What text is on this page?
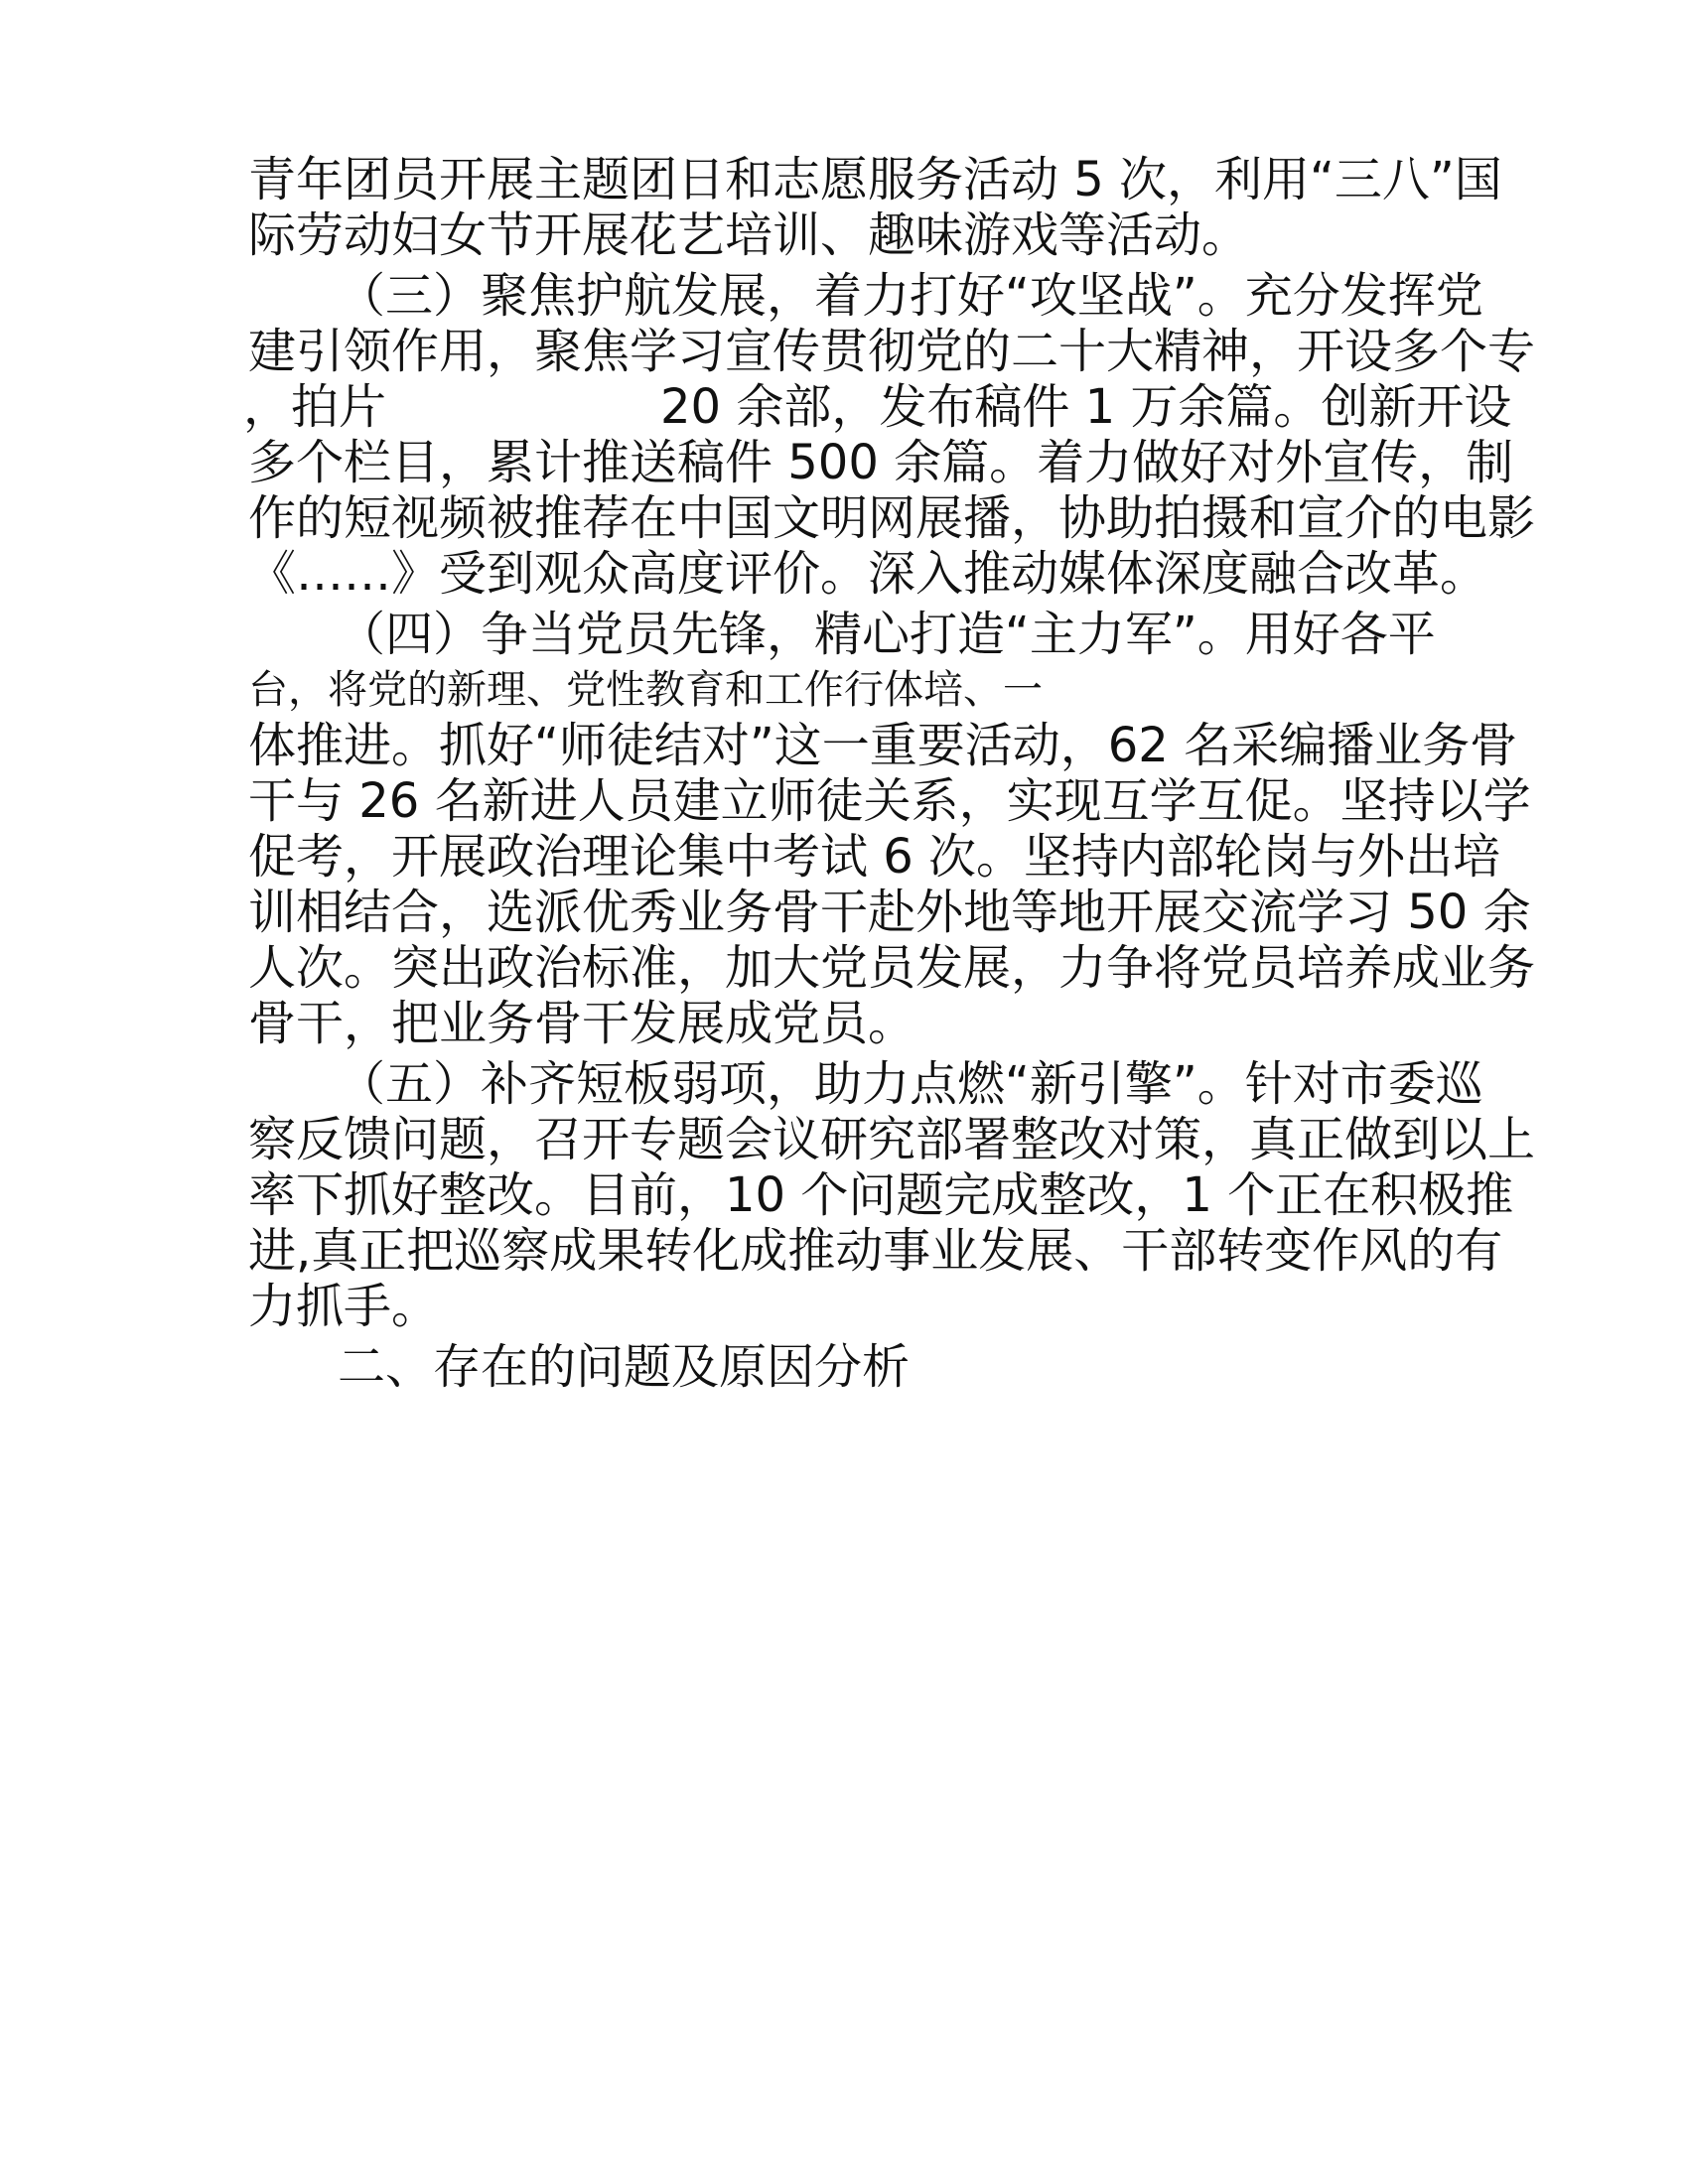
青年团员开展主题团日和志愿服务活动 5 次，利用“三八”国
际劳动妇女节开展花艺培训、趣味游戏等活动。
（三）聚焦护航发展，着力打好“攻坚战”。充分发挥党
建引领作用，聚焦学习宣传贯彻党的二十大精神，开设多个专
，拍片	20 余部，发布稿件 1 万余篇。创新开设
多个栏目，累计推送稿件 500 余篇。着力做好对外宣传，制
作的短视频被推荐在中国文明网展播，协助拍摄和宣介的电影
《……》受到观众高度评价。深入推动媒体深度融合改革。
（四）争当党员先锋，精心打造“主力军”。用好各平
台，将党的新理、党性教育和工作行体培、一
体推进。抓好“师徒结对”这一重要活动，62 名采编播业务骨
干与 26 名新进人员建立师徒关系，实现互学互促。坚持以学
促考，开展政治理论集中考试 6 次。坚持内部轮岗与外出培
训相结合，选派优秀业务骨干赴外地等地开展交流学习 50 余
人次。突出政治标准，加大党员发展，力争将党员培养成业务
骨干，把业务骨干发展成党员。
（五）补齐短板弱项，助力点燃“新引擎”。针对市委巡
察反馈问题，召开专题会议研究部署整改对策，真正做到以上
率下抓好整改。目前，10 个问题完成整改，1 个正在积极推
进,真正把巡察成果转化成推动事业发展、干部转变作风的有
力抓手。
二、存在的问题及原因分析
